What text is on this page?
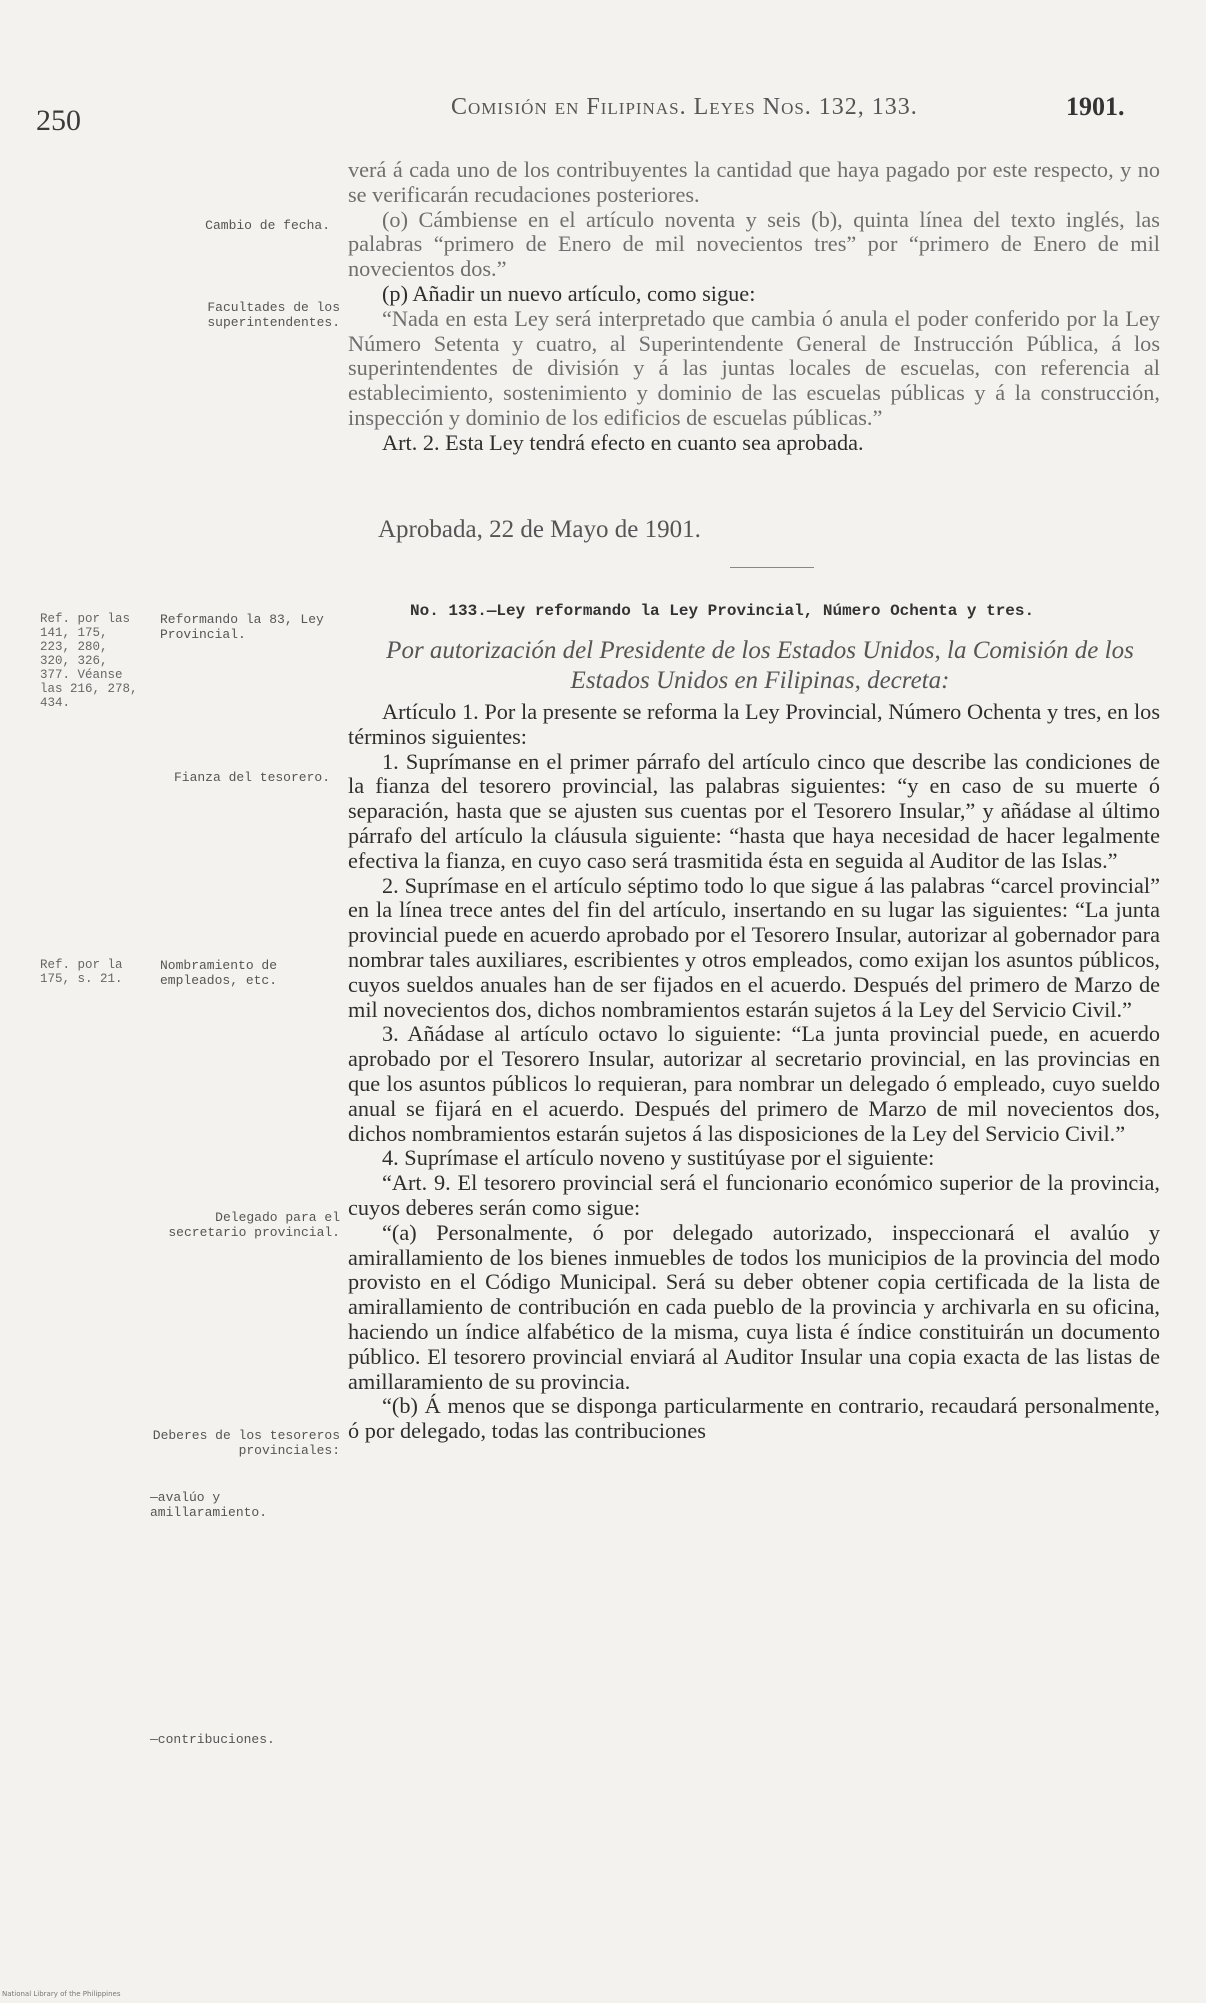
250	Comisión en Filipinas. Leyes Nos. 132, 133.	1901.

verá á cada uno de los contribuyentes la cantidad que haya pagado por este respecto, y no se verificarán recudaciones posteriores.

(o) Cámbiense en el artículo noventa y seis (b), quinta línea del texto inglés, las palabras “primero de Enero de mil novecientos tres” por “primero de Enero de mil novecientos dos.”

(p) Añadir un nuevo artículo, como sigue:

“Nada en esta Ley será interpretado que cambia ó anula el poder conferido por la Ley Número Setenta y cuatro, al Superintendente General de Instrucción Pública, á los superintendentes de división y á las juntas locales de escuelas, con referencia al establecimiento, sostenimiento y dominio de las escuelas públicas y á la construcción, inspección y dominio de los edificios de escuelas públicas.”

Art. 2. Esta Ley tendrá efecto en cuanto sea aprobada.

Aprobada, 22 de Mayo de 1901.
No. 133.—Ley reformando la Ley Provincial, Número Ochenta y tres.
Por autorización del Presidente de los Estados Unidos, la Comisión de los Estados Unidos en Filipinas, decreta:

Artículo 1. Por la presente se reforma la Ley Provincial, Número Ochenta y tres, en los términos siguientes:

1. Suprímanse en el primer párrafo del artículo cinco que describe las condiciones de la fianza del tesorero provincial, las palabras siguientes: “y en caso de su muerte ó separación, hasta que se ajusten sus cuentas por el Tesorero Insular,” y añádase al último párrafo del artículo la cláusula siguiente: “hasta que haya necesidad de hacer legalmente efectiva la fianza, en cuyo caso será trasmitida ésta en seguida al Auditor de las Islas.”

2. Suprímase en el artículo séptimo todo lo que sigue á las palabras “carcel provincial” en la línea trece antes del fin del artículo, insertando en su lugar las siguientes: “La junta provincial puede en acuerdo aprobado por el Tesorero Insular, autorizar al gobernador para nombrar tales auxiliares, escribientes y otros empleados, como exijan los asuntos públicos, cuyos sueldos anuales han de ser fijados en el acuerdo. Después del primero de Marzo de mil novecientos dos, dichos nombramientos estarán sujetos á la Ley del Servicio Civil.”

3. Añádase al artículo octavo lo siguiente: “La junta provincial puede, en acuerdo aprobado por el Tesorero Insular, autorizar al secretario provincial, en las provincias en que los asuntos públicos lo requieran, para nombrar un delegado ó empleado, cuyo sueldo anual se fijará en el acuerdo. Después del primero de Marzo de mil novecientos dos, dichos nombramientos estarán sujetos á las disposiciones de la Ley del Servicio Civil.”

4. Suprímase el artículo noveno y sustitúyase por el siguiente:

“Art. 9. El tesorero provincial será el funcionario económico superior de la provincia, cuyos deberes serán como sigue:

“(a) Personalmente, ó por delegado autorizado, inspeccionará el avalúo y amirallamiento de los bienes inmuebles de todos los municipios de la provincia del modo provisto en el Código Municipal. Será su deber obtener copia certificada de la lista de amirallamiento de contribución en cada pueblo de la provincia y archivarla en su oficina, haciendo un índice alfabético de la misma, cuya lista é índice constituirán un documento público. El tesorero provincial enviará al Auditor Insular una copia exacta de las listas de amillaramiento de su provincia.

“(b) Á menos que se disponga particularmente en contrario, recaudará personalmente, ó por delegado, todas las contribuciones

Cambio de fecha.
Facultades de los superintendentes.
Reformando la 83, Ley Provincial.
Ref. por las 141, 175, 223, 280, 320, 326, 377. Véanse las 216, 278, 434.
Fianza del tesorero.
Ref. por la 175, s. 21.
Nombramiento de empleados, etc.
Delegado para el secretario provincial.
Deberes de los tesoreros provinciales:
—avalúo y amillaramiento.
—contribuciones.
National Library of the Philippines
